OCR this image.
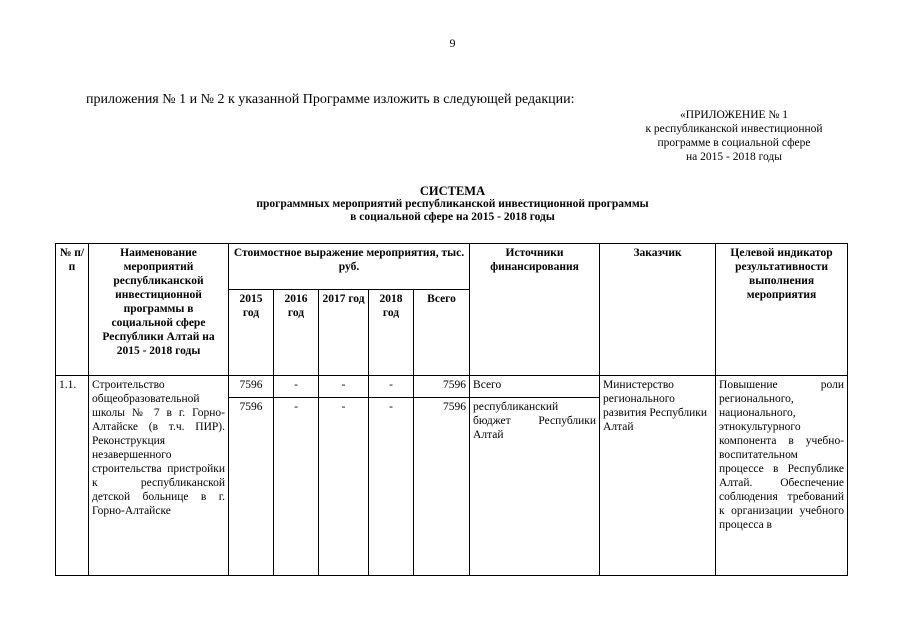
9
приложения № 1 и № 2 к указанной Программе изложить в следующей редакции:
«ПРИЛОЖЕНИЕ № 1
к республиканской инвестиционной
программе в социальной сфере
на 2015 - 2018 годы
СИСТЕМА
программных мероприятий республиканской инвестиционной программы
в социальной сфере на 2015 - 2018 годы
№ п/п	Наименование мероприятий республиканской инвестиционной программы в социальной сфере Республики Алтай на 2015 - 2018 годы	Стоимостное выражение мероприятия, тыс. руб.					Источники финансирования	Заказчик	Целевой индикатор результативности выполнения мероприятия
		2015 год	2016 год	2017 год	2018 год	Всего			
1.1.	Строительство общеобразовательной школы № 7 в г. Горно-Алтайске (в т.ч. ПИР). Реконструкция незавершенного строительства пристройки к республиканской детской больнице в г. Горно-Алтайске	7596	-	-	-	7596	Всего	Министерство регионального развития Республики Алтай	Повышение роли регионального, национального, этнокультурного компонента в учебно-воспитательном процессе в Республике Алтай. Обеспечение соблюдения требований к организации учебного процесса в
		7596	-	-	-	7596	республиканский бюджет Республики Алтай		
